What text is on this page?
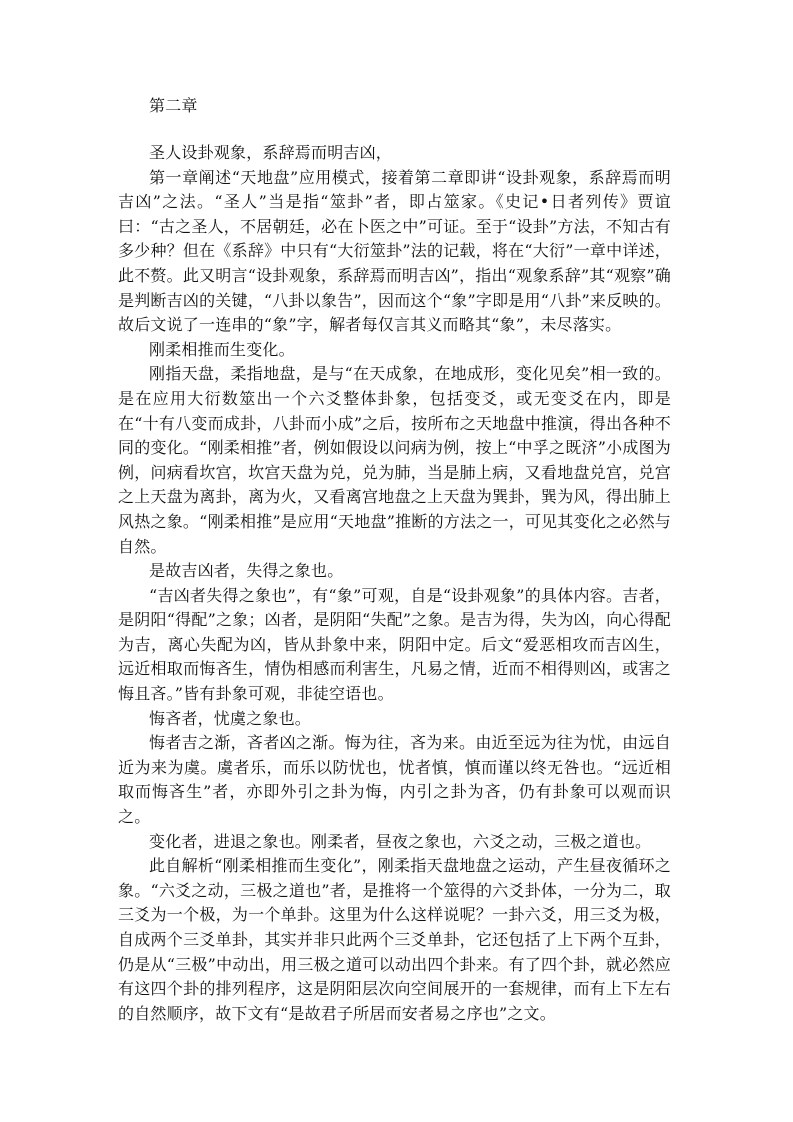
第二章

圣人设卦观象，系辞焉而明吉凶，

第一章阐述“天地盘”应用模式，接着第二章即讲“设卦观象，系辞焉而明吉凶”之法。“圣人”当是指“筮卦”者，即占筮家。《史记•日者列传》贾谊曰：“古之圣人，不居朝廷，必在卜医之中”可证。至于“设卦”方法，不知古有多少种？但在《系辞》中只有“大衍筮卦”法的记载，将在“大衍”一章中详述，此不赘。此又明言“设卦观象，系辞焉而明吉凶”，指出“观象系辞”其“观察”确是判断吉凶的关键，“八卦以象告”，因而这个“象”字即是用“八卦”来反映的。故后文说了一连串的“象”字，解者每仅言其义而略其“象”，未尽落实。

刚柔相推而生变化。

刚指天盘，柔指地盘，是与“在天成象，在地成形，变化见矣”相一致的。是在应用大衍数筮出一个六爻整体卦象，包括变爻，或无变爻在内，即是在“十有八变而成卦，八卦而小成”之后，按所布之天地盘中推演，得出各种不同的变化。“刚柔相推”者，例如假设以问病为例，按上“中孚之既济”小成图为例，问病看坎宫，坎宫天盘为兑，兑为肺，当是肺上病，又看地盘兑宫，兑宫之上天盘为离卦，离为火，又看离宫地盘之上天盘为巽卦，巽为风，得出肺上风热之象。“刚柔相推”是应用“天地盘”推断的方法之一，可见其变化之必然与自然。

是故吉凶者，失得之象也。

“吉凶者失得之象也”，有“象”可观，自是“设卦观象”的具体内容。吉者，是阴阳“得配”之象；凶者，是阴阳“失配”之象。是吉为得，失为凶，向心得配为吉，离心失配为凶，皆从卦象中来，阴阳中定。后文“爱恶相攻而吉凶生，远近相取而悔吝生，情伪相感而利害生，凡易之情，近而不相得则凶，或害之悔且吝。”皆有卦象可观，非徒空语也。

悔吝者，忧虞之象也。

悔者吉之渐，吝者凶之渐。悔为往，吝为来。由近至远为往为忧，由远自近为来为虞。虞者乐，而乐以防忧也，忧者慎，慎而谨以终无咎也。“远近相取而悔吝生”者，亦即外引之卦为悔，内引之卦为吝，仍有卦象可以观而识之。

变化者，进退之象也。刚柔者，昼夜之象也，六爻之动，三极之道也。

此自解析“刚柔相推而生变化”，刚柔指天盘地盘之运动，产生昼夜循环之象。“六爻之动，三极之道也”者，是推将一个筮得的六爻卦体，一分为二，取三爻为一个极，为一个单卦。这里为什么这样说呢？一卦六爻，用三爻为极，自成两个三爻单卦，其实并非只此两个三爻单卦，它还包括了上下两个互卦，仍是从“三极”中动出，用三极之道可以动出四个卦来。有了四个卦，就必然应有这四个卦的排列程序，这是阴阳层次向空间展开的一套规律，而有上下左右的自然顺序，故下文有“是故君子所居而安者易之序也”之文。
